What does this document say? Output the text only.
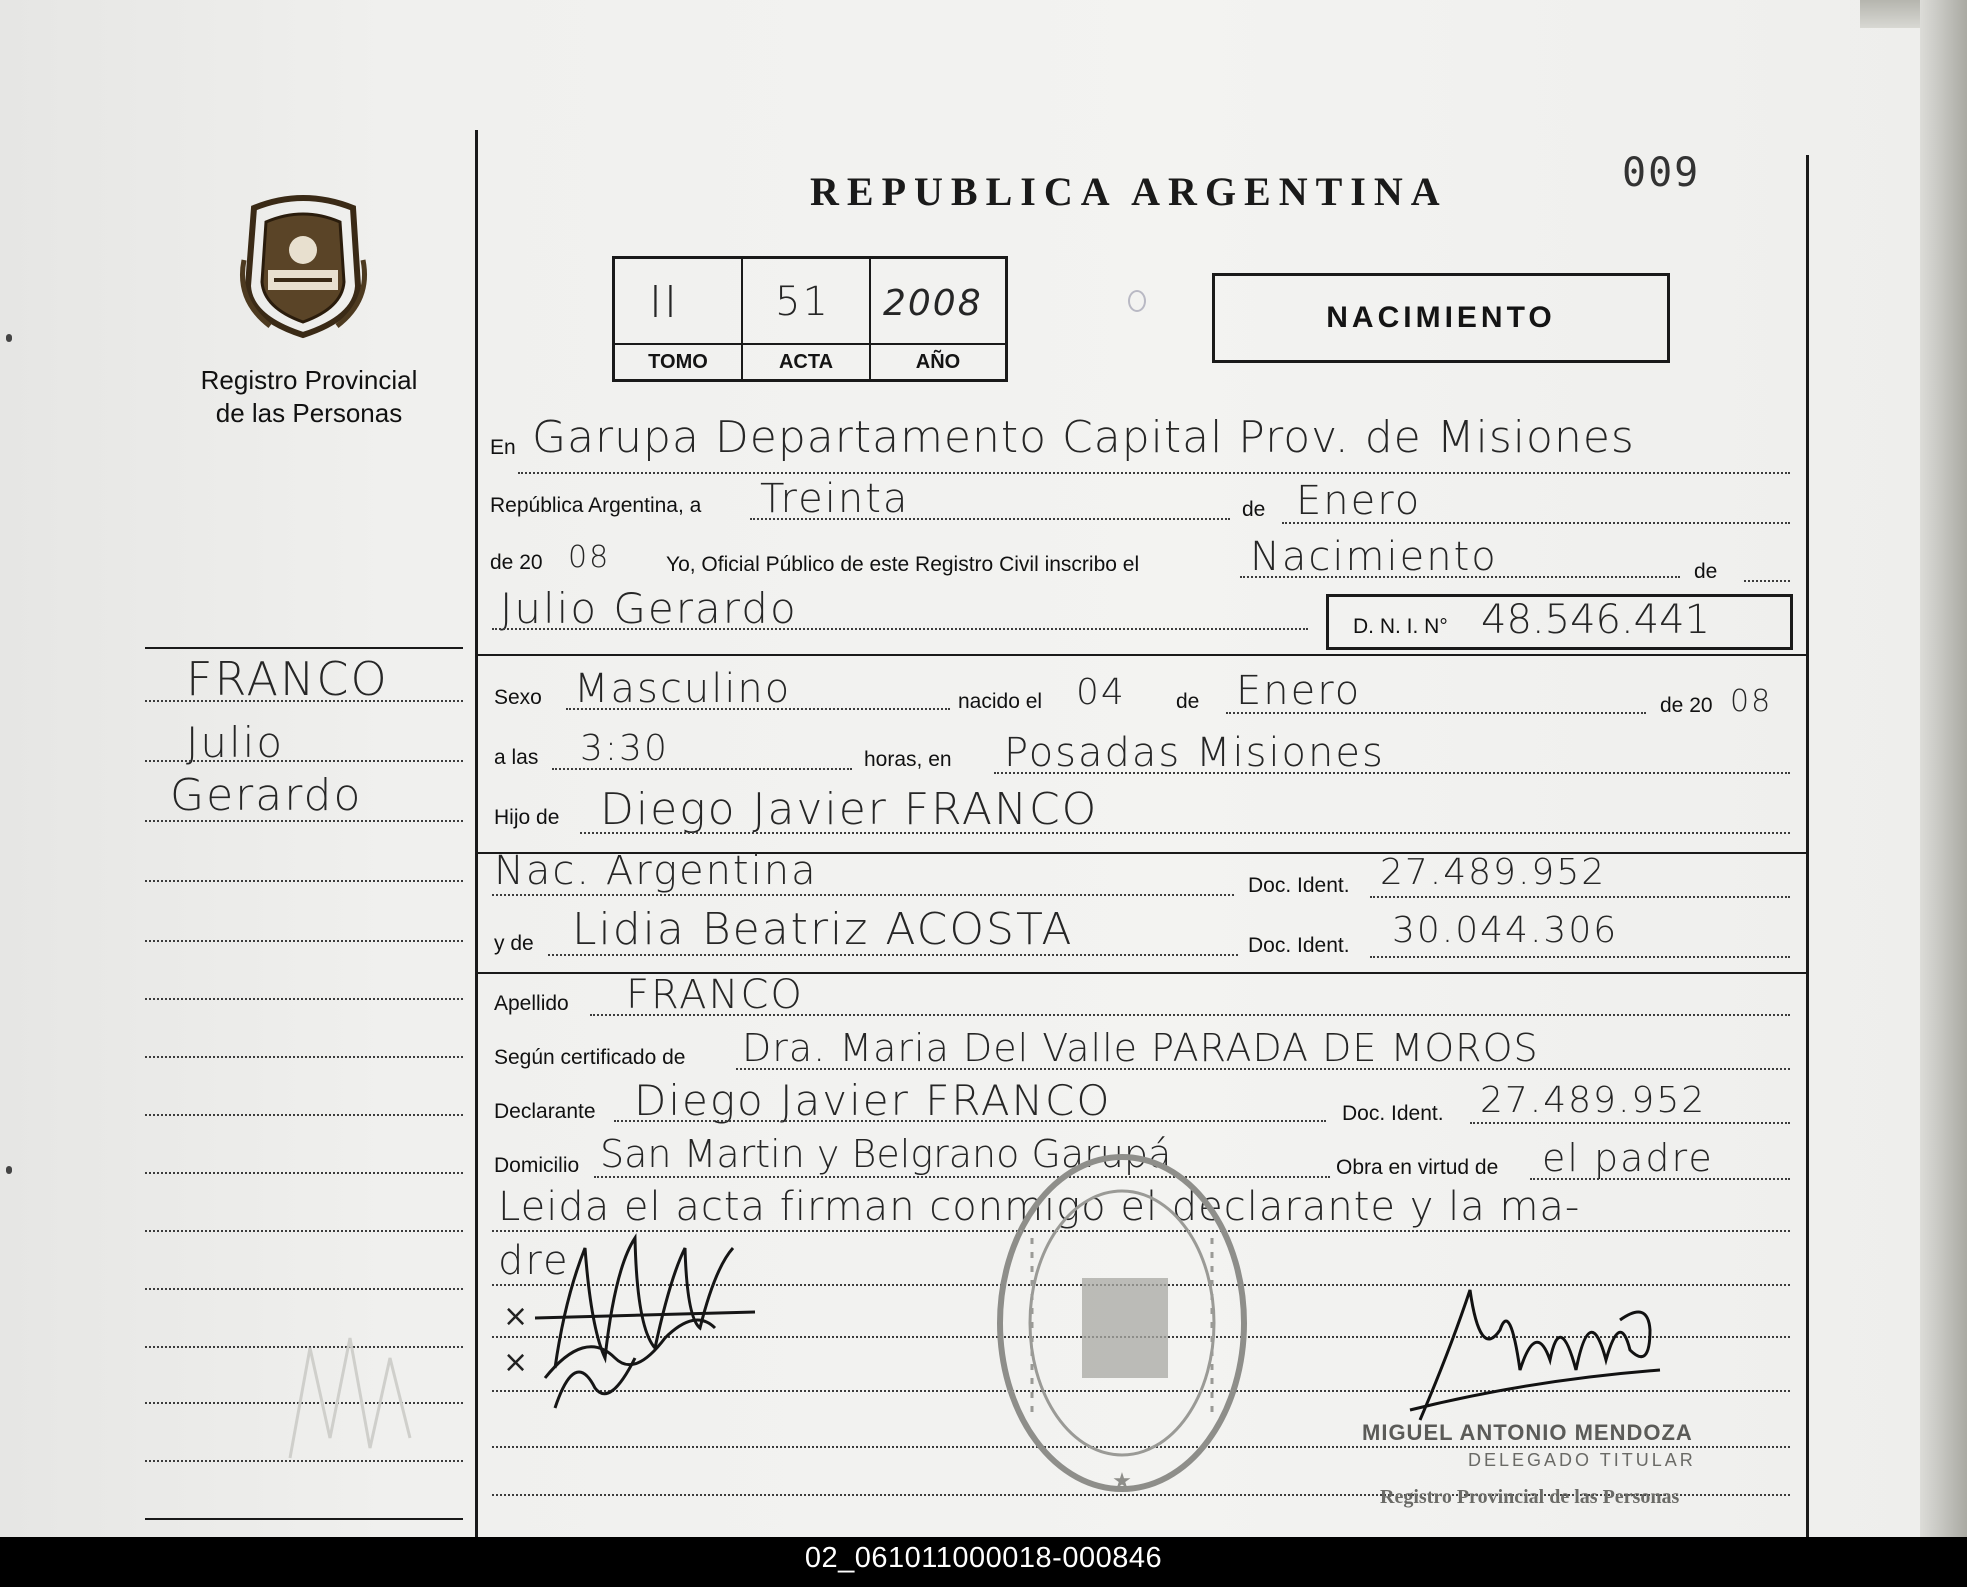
REPUBLICA ARGENTINA	009
Registro Provincial
de las Personas
II 51 2008
TOMO	ACTA	AÑO
NACIMIENTO
FRANCO
Julio
Gerardo
En Garupa Departamento Capital Prov. de Misiones
República Argentina, a Treinta	de Enero
de 20 08	Yo, Oficial Público de este Registro Civil inscribo el	Nacimiento	de
Julio Gerardo	D. N. I. N° 48.546.441
Sexo Masculino	nacido el 04 de Enero	de 20 08
a las 3:30	horas, en Posadas Misiones
Hijo de Diego Javier FRANCO
Nac. Argentina	Doc. Ident. 27.489.952
y de Lidia Beatriz ACOSTA	Doc. Ident. 30.044.306
Apellido FRANCO
Según certificado de Dra. Maria Del Valle PARADA DE MOROS
Declarante Diego Javier FRANCO	Doc. Ident. 27.489.952
Domicilio San Martin y Belgrano Garupá	Obra en virtud de el padre
Leida el acta firman conmigo el declarante y la ma-
dre.
×
×
★
MIGUEL ANTONIO MENDOZA
DELEGADO TITULAR
Registro Provincial de las Personas
02_061011000018-000846
